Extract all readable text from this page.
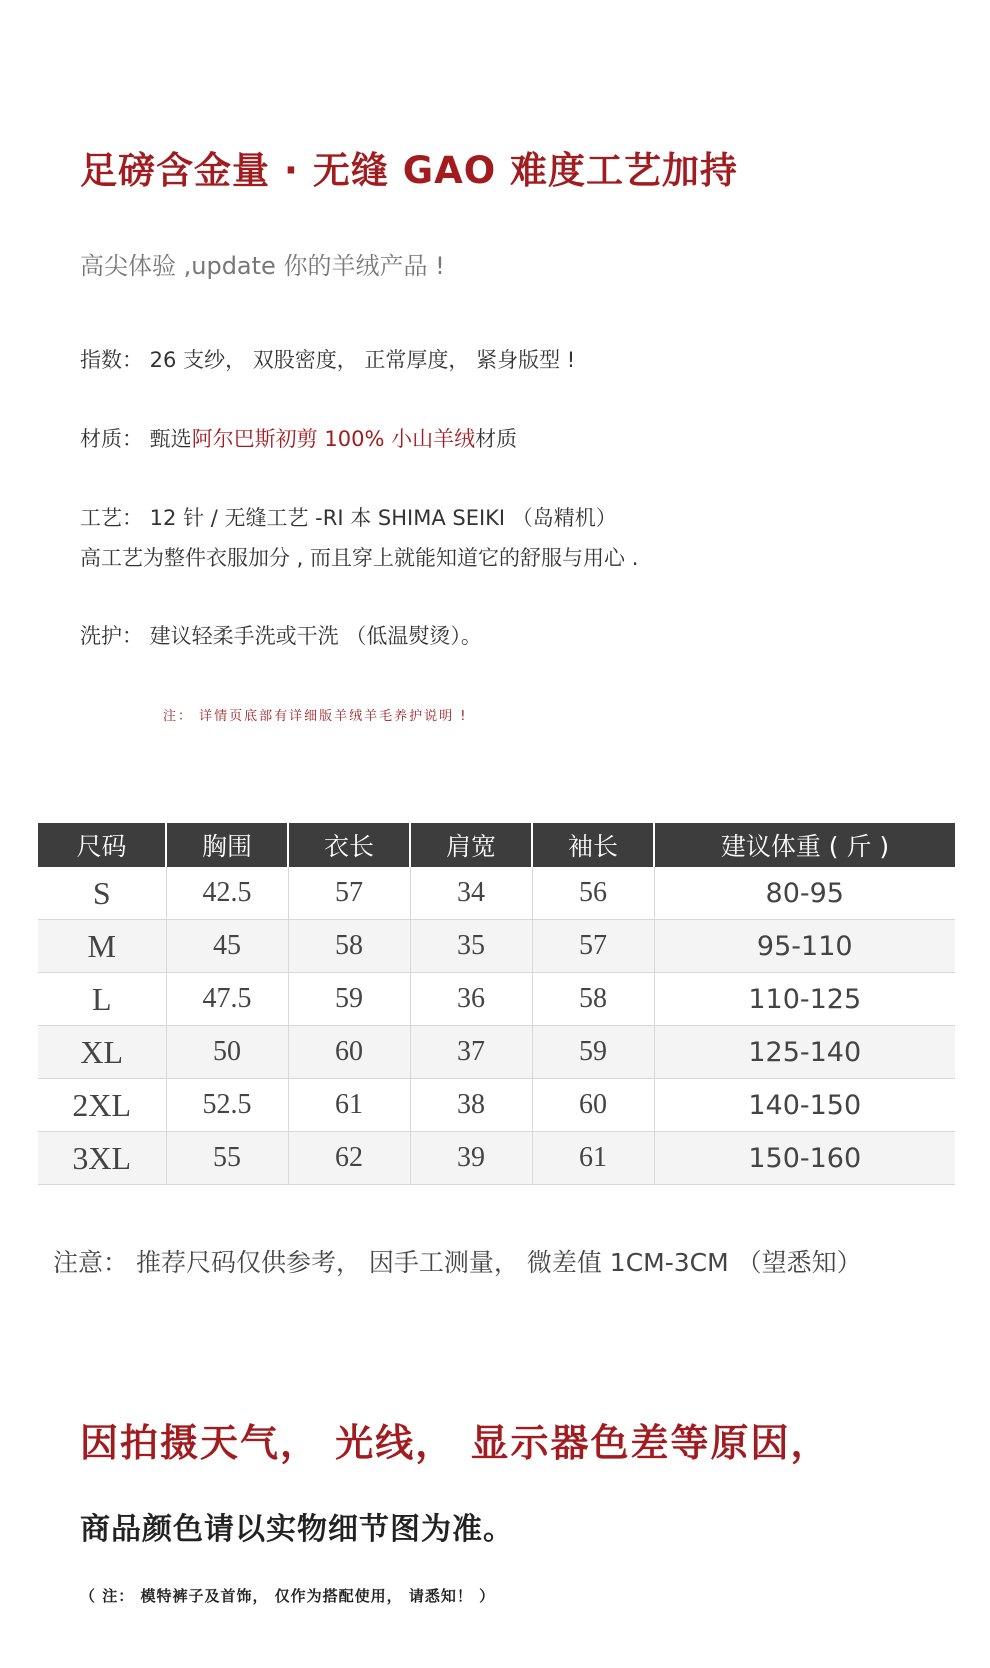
足磅含金量 · 无缝 GAO 难度工艺加持
高尖体验 ,update 你的羊绒产品 !
指数： 26 支纱， 双股密度， 正常厚度， 紧身版型 !
材质： 甄选阿尔巴斯初剪 100% 小山羊绒材质
工艺： 12 针 / 无缝工艺 -RI 本 SHIMA SEIKI （岛精机）
高工艺为整件衣服加分 , 而且穿上就能知道它的舒服与用心 .
洗护： 建议轻柔手洗或干洗 （低温熨烫）。
注： 详情页底部有详细版羊绒羊毛养护说明 !
尺码	胸围	衣长	肩宽	袖长	建议体重 ( 斤 )
S	42.5	57	34	56	80-95
M	45	58	35	57	95-110
L	47.5	59	36	58	110-125
XL	50	60	37	59	125-140
2XL	52.5	61	38	60	140-150
3XL	55	62	39	61	150-160
注意： 推荐尺码仅供参考， 因手工测量， 微差值 1CM-3CM （望悉知）
因拍摄天气， 光线， 显示器色差等原因，
商品颜色请以实物细节图为准。
（ 注： 模特裤子及首饰， 仅作为搭配使用， 请悉知！ ）
